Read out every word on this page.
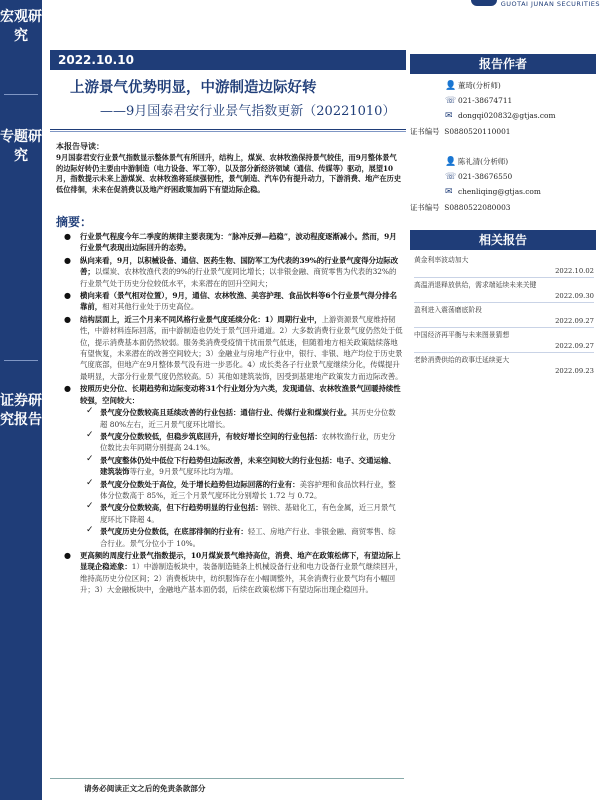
宏观研究
专题研究
证券研究报告
GUOTAI JUNAN SECURITIES
2022.10.10
上游景气优势明显，中游制造边际好转
——9月国泰君安行业景气指数更新（20221010）
本报告导读：
9月国泰君安行业景气指数显示整体景气有所回升，结构上，煤炭、农林牧渔保持景气较佳，而9月整体景气的边际好转仍主要由中游制造（电力设备、军工等），以及部分新经济领域（通信、传媒等）驱动，展望10月，指数提示未来上游煤炭、农林牧渔将延续强韧性，景气制造、汽车仍有提升动力，下游消费、地产在历史低位徘徊，未来在促消费以及地产纾困政策加码下有望边际企稳。
摘要：
● 行业景气程度今年二季度的规律主要表现为：“脉冲反弹—趋稳”，波动程度逐渐减小。然而，9月行业景气表现出边际回升的态势。
● 纵向来看，9月，以积械设备、通信、医药生物、国防军工为代表的39%的行业景气度得分边际改善；以煤炭、农林牧渔代表的9%的行业景气度同比增长；以非银金融、商贸零售为代表的32%的行业景气处于历史分位较低水平，未来潜在的回升空间大；
● 横向来看（景气相对位置），9月，通信、农林牧渔、美容护理、食品饮料等6个行业景气得分排名靠前，相对其他行业处于历史高位。
● 结构层面上，近三个月来不同风格行业景气度延续分化：1）周期行业中，上游资源景气度维持韧性，中游材料连际回落，而中游制造也仍处于景气回升通道。2）大多数消费行业景气度仍然处于低位，提示消费基本面仍然较弱。服务类消费受疫情干扰而景气低迷，但随着地方相关政策陆续落地有望恢复，未来潜在的改善空间较大；3）金融业与房地产行业中，银行、非银、地产均位于历史景气度底部，但地产在9月整体景气没有进一步恶化。4）成长类各子行业景气度继续分化，传媒提升最明显，大部分行业景气度仍然较高。5）其他如建筑装饰，因受到基建地产政策发力而边际改善。
● 按照历史分位、长期趋势和边际变动将31个行业划分为六类，发现通信、农林牧渔景气回暖持续性较强，空间较大：
✓ 景气度分位数较高且延续改善的行业包括：通信行业、传媒行业和煤炭行业。其历史分位数超 80%左右，近三月景气度环比增长。
✓ 景气度分位数较低，但稳步筑底回升，有较好增长空间的行业包括：农林牧渔行业，历史分位数比去年同期分别提高 24.1%。
✓ 景气度整体仍处中低位下行趋势但边际改善，未来空间较大的行业包括：电子、交通运输、建筑装饰等行业，9月景气度环比均为增。
✓ 景气度分位数处于高位，处于增长趋势但边际回落的行业有：美容护理和食品饮料行业，整体分位数高于 85%，近三个月景气度环比分别增长 1.72 与 0.72。
✓ 景气度分位数较高，但下行趋势明显的行业包括：钢铁、基础化工，有色金属，近三月景气度环比下降超 4。
✓ 景气度历史分位数低，在底部徘徊的行业有：轻工、房地产行业、非银金融、商贸零售、综合行业。景气分位小于 10%。
● 更高频的周度行业景气指数提示，10月煤炭景气维持高位，消费、地产在政策松绑下，有望边际上显现企稳迹象：1）中游制造板块中，装备制造链条上机械设备行业和电力设备行业景气继续回升，维持高历史分位区间；2）消费板块中，纺织服饰存在小幅调整外，其余消费行业景气均有小幅回升；3）大金融板块中，金融地产基本面仍弱，后续在政策松绑下有望边际出现企稳回升。
请务必阅读正文之后的免责条款部分
报告作者
👤 董琦(分析师)
☏ 021-38674711
✉ dongqi020832@gtjas.com
证书编号 S0880520110001
👤 陈礼清(分析师)
☏ 021-38676550
✉ chenliqing@gtjas.com
证书编号 S0880522080003
相关报告
黄金利率波动加大
2022.10.02
高温消退释放供给，需求端延续未来关键
2022.09.30
盈利进入震荡磨底阶段
2022.09.27
中国经济再平衡与未来图景猜想
2022.09.27
老龄消费供给的政事迁延续更大
2022.09.23
